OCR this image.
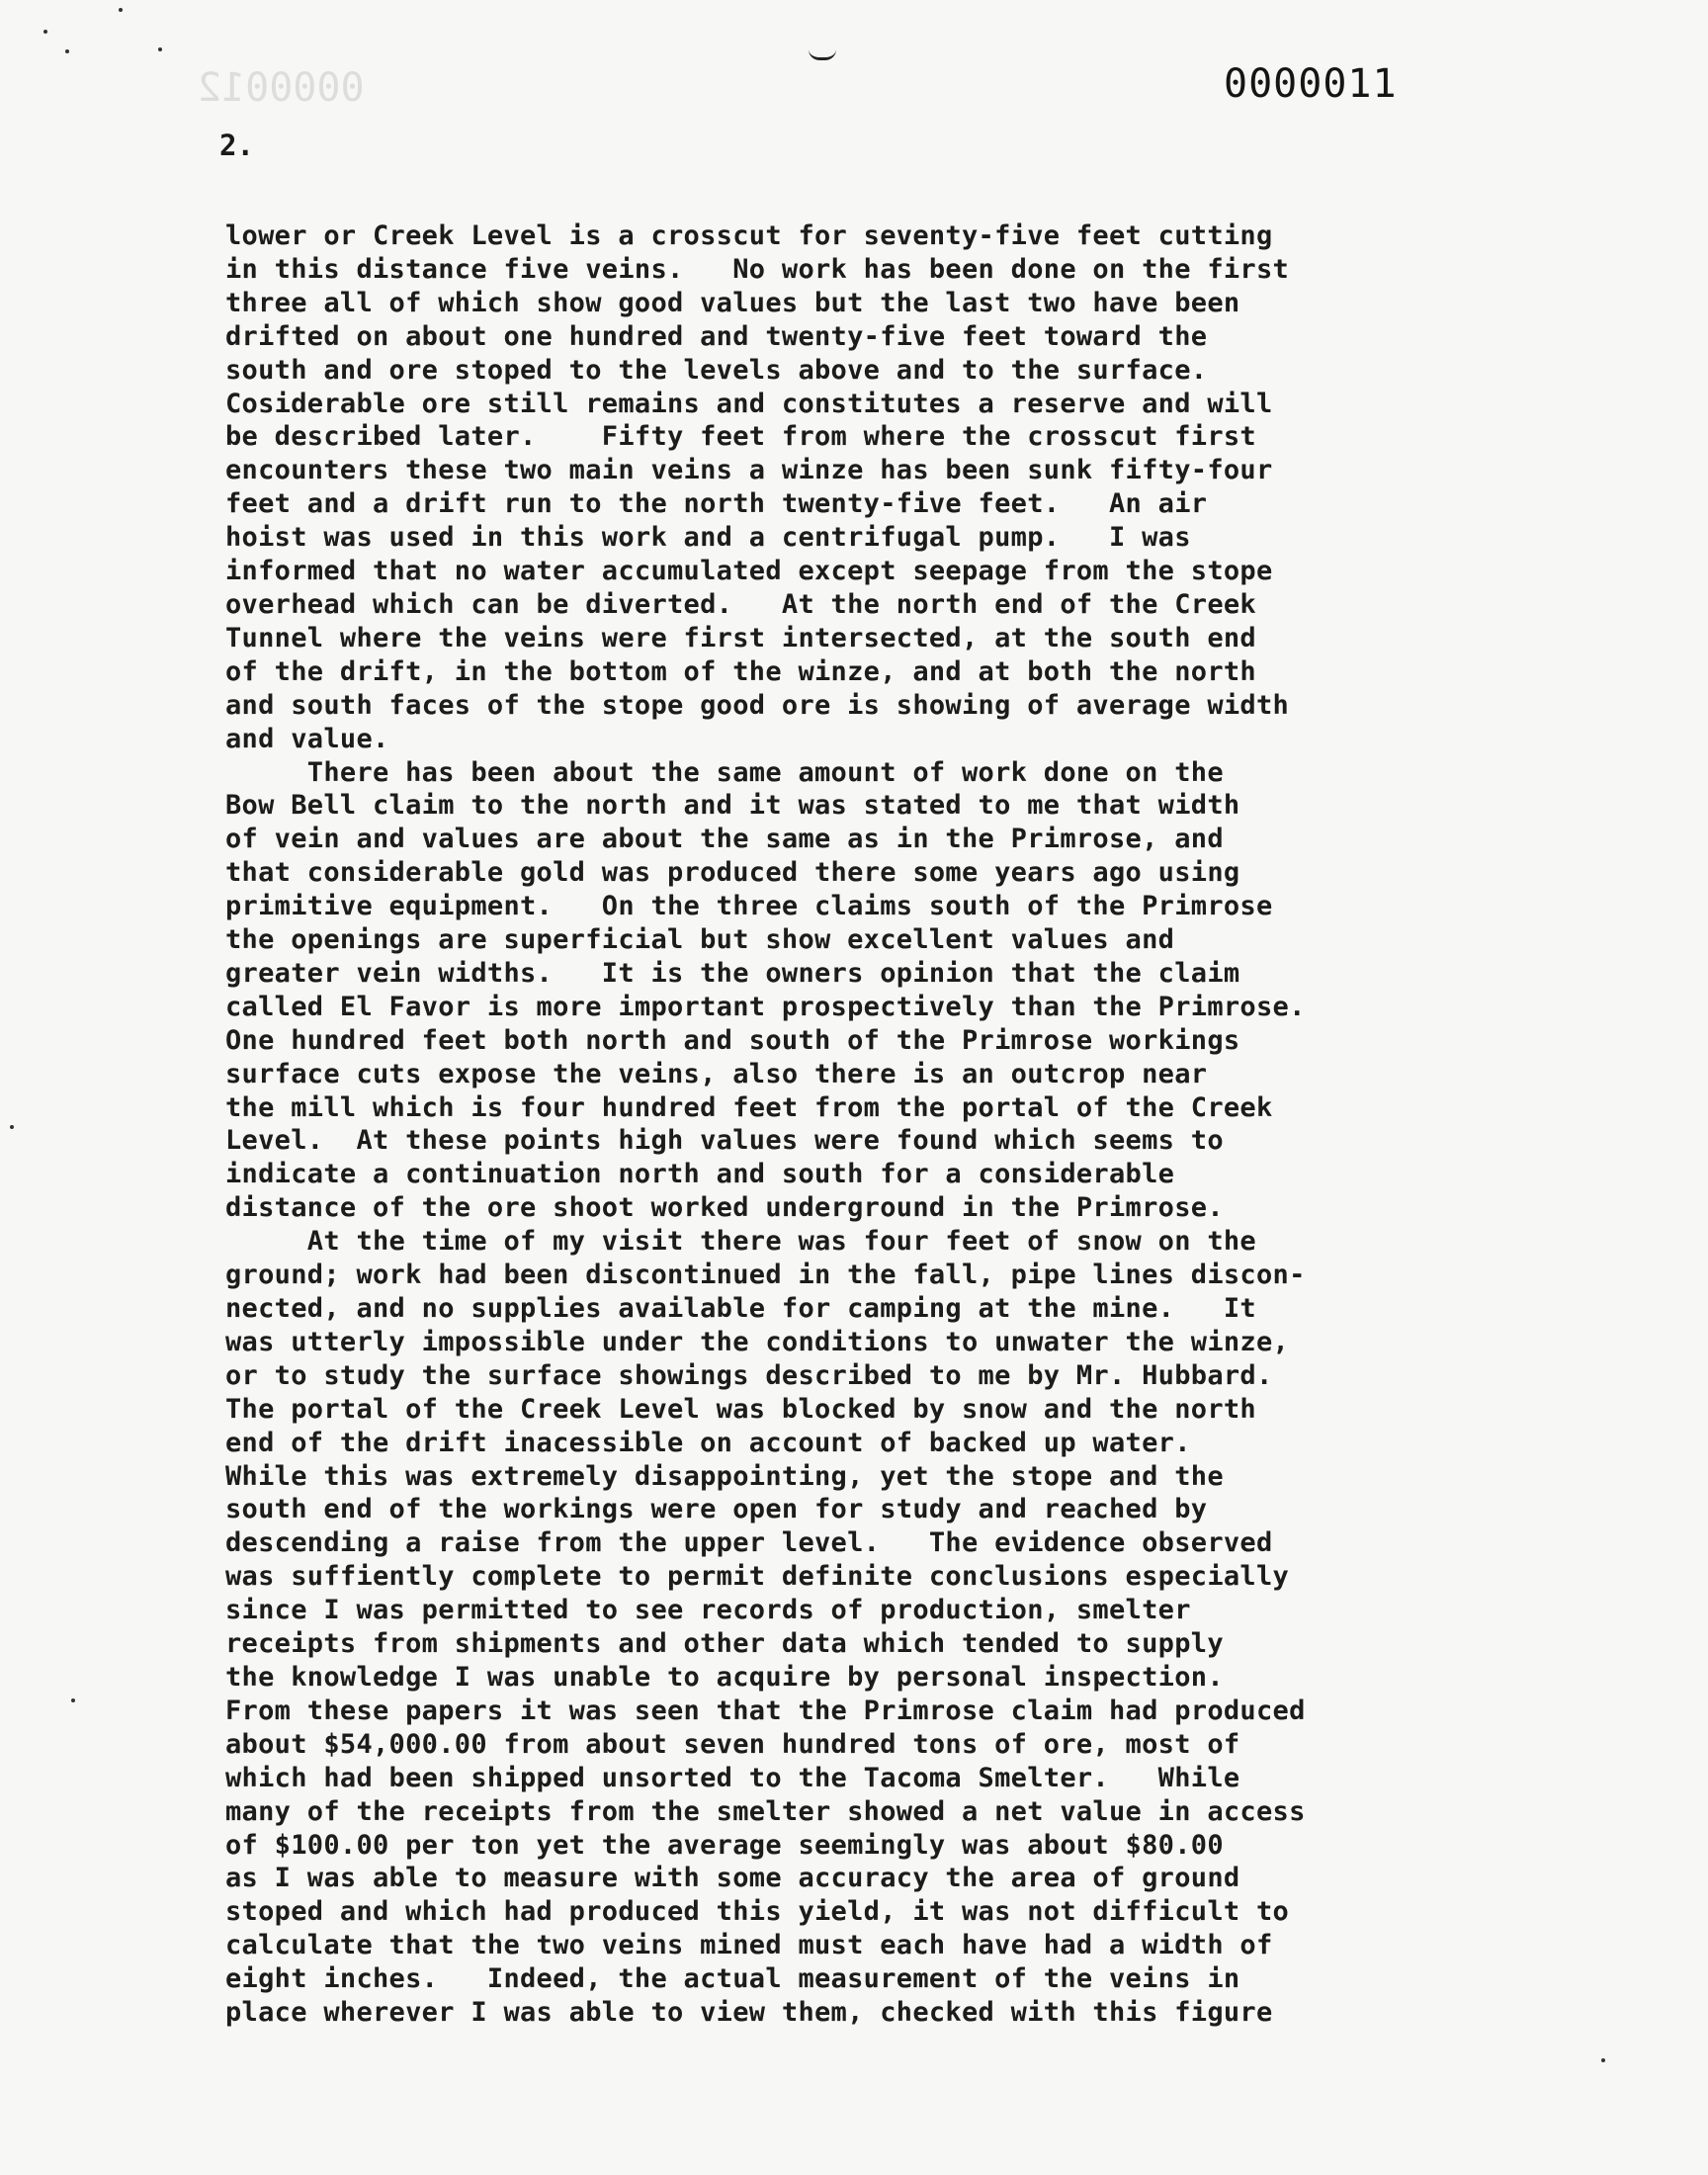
0000012	0000011
2.
lower or Creek Level is a crosscut for seventy-five feet cutting
in this distance five veins.   No work has been done on the first
three all of which show good values but the last two have been
drifted on about one hundred and twenty-five feet toward the
south and ore stoped to the levels above and to the surface.
Cosiderable ore still remains and constitutes a reserve and will
be described later.    Fifty feet from where the crosscut first
encounters these two main veins a winze has been sunk fifty-four
feet and a drift run to the north twenty-five feet.   An air
hoist was used in this work and a centrifugal pump.   I was
informed that no water accumulated except seepage from the stope
overhead which can be diverted.   At the north end of the Creek
Tunnel where the veins were first intersected, at the south end
of the drift, in the bottom of the winze, and at both the north
and south faces of the stope good ore is showing of average width
and value.
There has been about the same amount of work done on the
Bow Bell claim to the north and it was stated to me that width
of vein and values are about the same as in the Primrose, and
that considerable gold was produced there some years ago using
primitive equipment.   On the three claims south of the Primrose
the openings are superficial but show excellent values and
greater vein widths.   It is the owners opinion that the claim
called El Favor is more important prospectively than the Primrose.
One hundred feet both north and south of the Primrose workings
surface cuts expose the veins, also there is an outcrop near
the mill which is four hundred feet from the portal of the Creek
Level.  At these points high values were found which seems to
indicate a continuation north and south for a considerable
distance of the ore shoot worked underground in the Primrose.
At the time of my visit there was four feet of snow on the
ground; work had been discontinued in the fall, pipe lines discon-
nected, and no supplies available for camping at the mine.   It
was utterly impossible under the conditions to unwater the winze,
or to study the surface showings described to me by Mr. Hubbard.
The portal of the Creek Level was blocked by snow and the north
end of the drift inacessible on account of backed up water.
While this was extremely disappointing, yet the stope and the
south end of the workings were open for study and reached by
descending a raise from the upper level.   The evidence observed
was suffiently complete to permit definite conclusions especially
since I was permitted to see records of production, smelter
receipts from shipments and other data which tended to supply
the knowledge I was unable to acquire by personal inspection.
From these papers it was seen that the Primrose claim had produced
about $54,000.00 from about seven hundred tons of ore, most of
which had been shipped unsorted to the Tacoma Smelter.   While
many of the receipts from the smelter showed a net value in access
of $100.00 per ton yet the average seemingly was about $80.00
as I was able to measure with some accuracy the area of ground
stoped and which had produced this yield, it was not difficult to
calculate that the two veins mined must each have had a width of
eight inches.   Indeed, the actual measurement of the veins in
place wherever I was able to view them, checked with this figure
